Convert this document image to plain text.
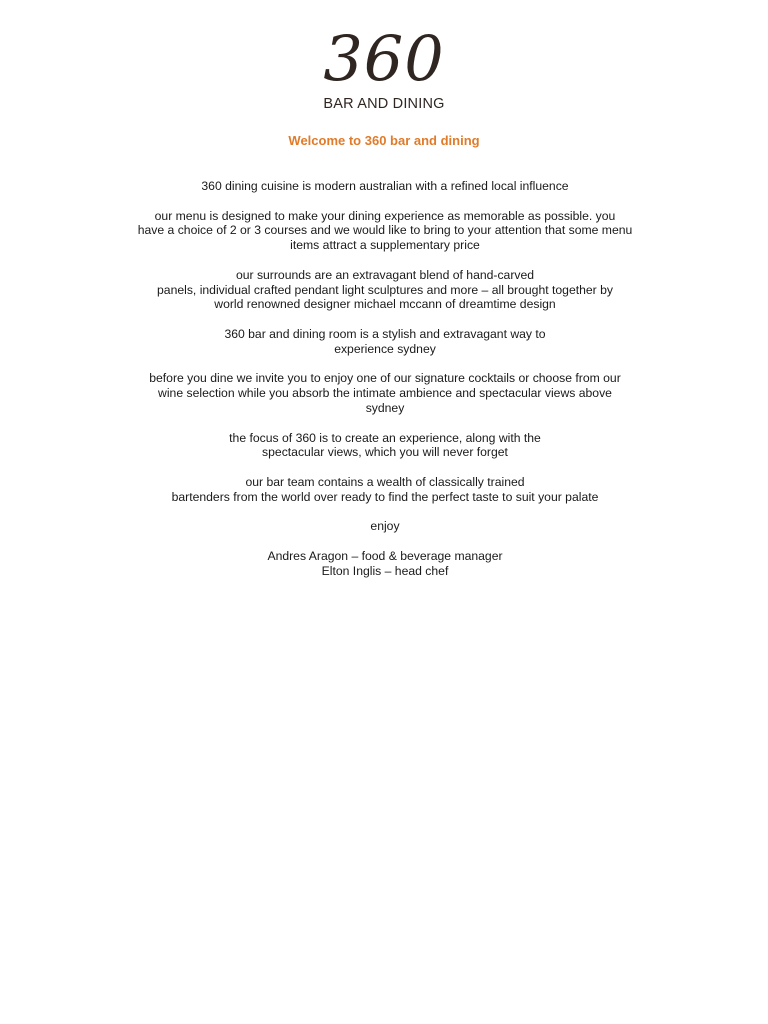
360
BAR AND DINING
Welcome to 360 bar and dining
360 dining cuisine is modern australian with a refined local influence
our menu is designed to make your dining experience as memorable as possible. you
have a choice of 2 or 3 courses and we would like to bring to your attention that some menu
items attract a supplementary price
our surrounds are an extravagant blend of hand-carved
panels, individual crafted pendant light sculptures and more – all brought together by
world renowned designer michael mccann of dreamtime design
360 bar and dining room is a stylish and extravagant way to
experience sydney
before you dine we invite you to enjoy one of our signature cocktails or choose from our
wine selection while you absorb the intimate ambience and spectacular views above
sydney
the focus of 360 is to create an experience, along with the
spectacular views, which you will never forget
our bar team contains a wealth of classically trained
bartenders from the world over ready to find the perfect taste to suit your palate
enjoy
Andres Aragon – food & beverage manager
Elton Inglis – head chef
